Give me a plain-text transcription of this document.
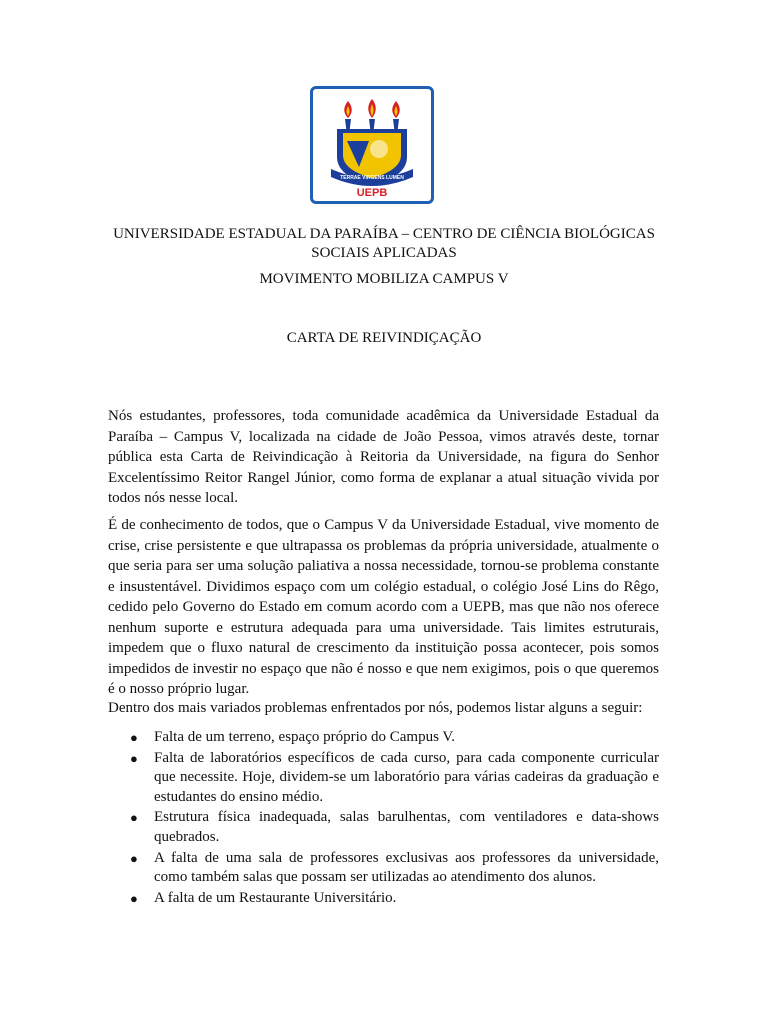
TERRAE VIRGENS LUMEN
UEPB

UNIVERSIDADE ESTADUAL DA PARAÍBA – CENTRO DE CIÊNCIA BIOLÓGICAS SOCIAIS APLICADAS

MOVIMENTO MOBILIZA CAMPUS V

CARTA DE REIVINDIÇAÇÃO

Nós estudantes, professores, toda comunidade acadêmica da Universidade Estadual da Paraíba – Campus V, localizada na cidade de João Pessoa, vimos através deste, tornar pública esta Carta de Reivindicação à Reitoria da Universidade, na figura do Senhor Excelentíssimo Reitor Rangel Júnior, como forma de explanar a atual situação vivida por todos nós nesse local.

É de conhecimento de todos, que o Campus V da Universidade Estadual, vive momento de crise, crise persistente e que ultrapassa os problemas da própria universidade, atualmente o que seria para ser uma solução paliativa a nossa necessidade, tornou-se problema constante e insustentável. Dividimos espaço com um colégio estadual, o colégio José Lins do Rêgo, cedido pelo Governo do Estado em comum acordo com a UEPB, mas que não nos oferece nenhum suporte e estrutura adequada para uma universidade. Tais limites estruturais, impedem que o fluxo natural de crescimento da instituição possa acontecer, pois somos impedidos de investir no espaço que não é nosso e que nem exigimos, pois o que queremos é o nosso próprio lugar.

Dentro dos mais variados problemas enfrentados por nós, podemos listar alguns a seguir:

● Falta de um terreno, espaço próprio do Campus V.
● Falta de laboratórios específicos de cada curso, para cada componente curricular que necessite. Hoje, dividem-se um laboratório para várias cadeiras da graduação e estudantes do ensino médio.
● Estrutura física inadequada, salas barulhentas, com ventiladores e data-shows quebrados.
● A falta de uma sala de professores exclusivas aos professores da universidade, como também salas que possam ser utilizadas ao atendimento dos alunos.
● A falta de um Restaurante Universitário.
